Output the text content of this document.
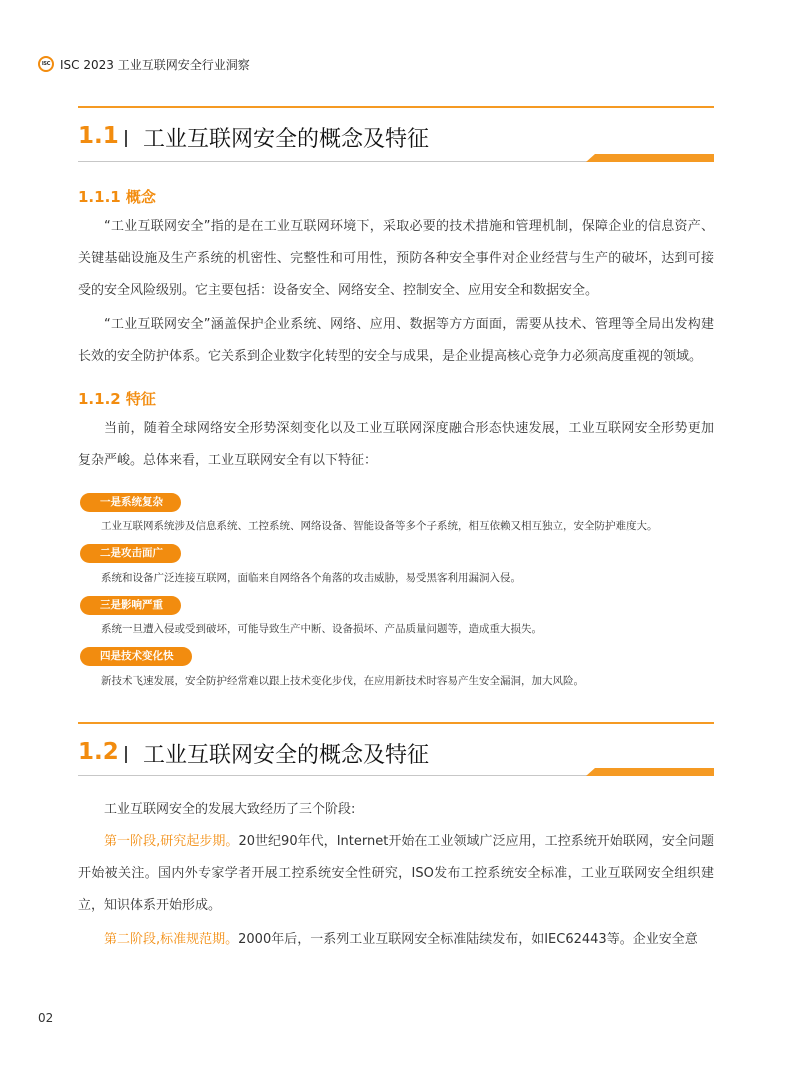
ISC ISC 2023 工业互联网安全行业洞察
1.1 工业互联网安全的概念及特征
1.1.1 概念

“工业互联网安全”指的是在工业互联网环境下，采取必要的技术措施和管理机制，保障企业的信息资产、关键基础设施及生产系统的机密性、完整性和可用性，预防各种安全事件对企业经营与生产的破坏，达到可接受的安全风险级别。它主要包括：设备安全、网络安全、控制安全、应用安全和数据安全。

“工业互联网安全”涵盖保护企业系统、网络、应用、数据等方方面面，需要从技术、管理等全局出发构建长效的安全防护体系。它关系到企业数字化转型的安全与成果，是企业提高核心竞争力必须高度重视的领域。

1.1.2 特征

当前，随着全球网络安全形势深刻变化以及工业互联网深度融合形态快速发展，工业互联网安全形势更加复杂严峻。总体来看，工业互联网安全有以下特征：

一是系统复杂
工业互联网系统涉及信息系统、工控系统、网络设备、智能设备等多个子系统，相互依赖又相互独立，安全防护难度大。
二是攻击面广
系统和设备广泛连接互联网，面临来自网络各个角落的攻击威胁，易受黑客利用漏洞入侵。
三是影响严重
系统一旦遭入侵或受到破坏，可能导致生产中断、设备损坏、产品质量问题等，造成重大损失。
四是技术变化快
新技术飞速发展，安全防护经常难以跟上技术变化步伐，在应用新技术时容易产生安全漏洞，加大风险。
1.2 工业互联网安全的概念及特征

工业互联网安全的发展大致经历了三个阶段:

第一阶段,研究起步期。20世纪90年代，Internet开始在工业领域广泛应用，工控系统开始联网，安全问题开始被关注。国内外专家学者开展工控系统安全性研究，ISO发布工控系统安全标准，工业互联网安全组织建立，知识体系开始形成。

第二阶段,标准规范期。2000年后，一系列工业互联网安全标准陆续发布，如IEC62443等。企业安全意

02
